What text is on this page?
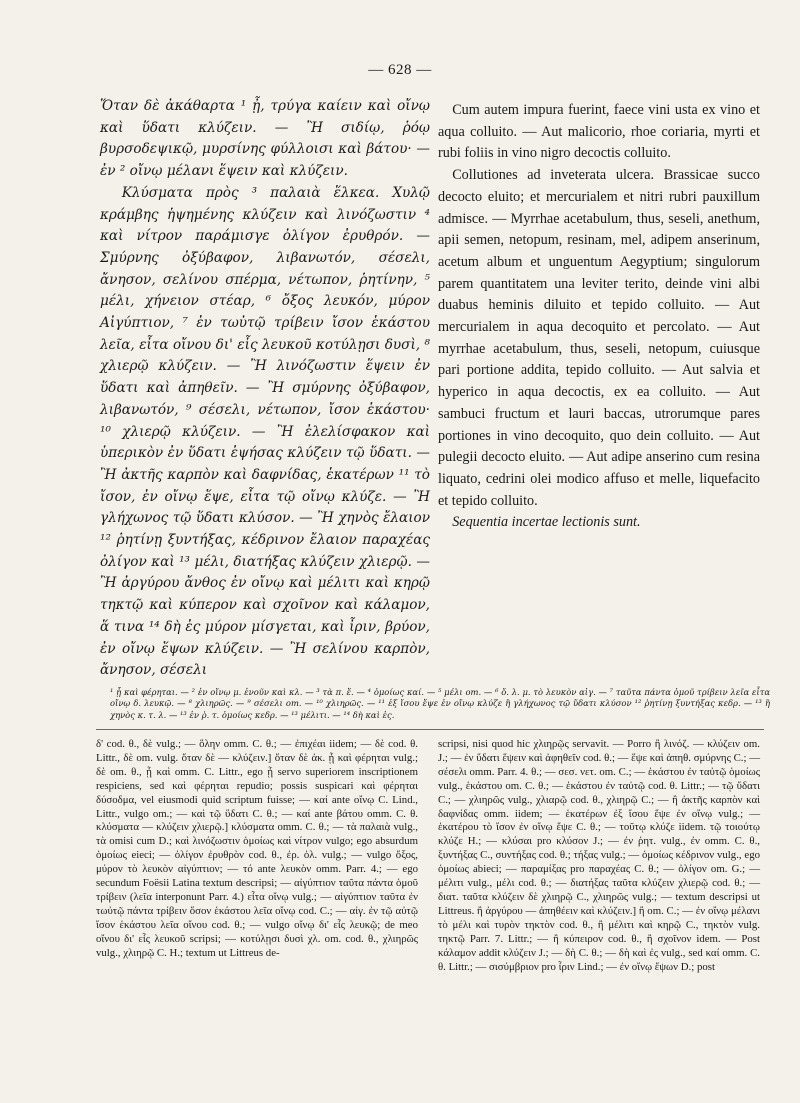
— 628 —

Ὅταν δὲ ἀκάθαρτα ¹ ᾖ, τρύγα καίειν καὶ οἴνῳ καὶ ὕδατι κλύζειν. — Ἢ σιδίῳ, ῥόῳ βυρσοδεψικῷ, μυρσίνης φύλλοισι καὶ βάτου· — ἐν ² οἴνῳ μέλανι ἕψειν καὶ κλύζειν.

Κλύσματα πρὸς ³ παλαιὰ ἕλκεα. Χυλῷ κράμβης ἡψημένης κλύζειν καὶ λινόζωστιν ⁴ καὶ νίτρον παράμισγε ὀλίγον ἐρυθρόν. — Σμύρνης ὀξύβαφον, λιβανωτόν, σέσελι, ἄνησον, σελίνου σπέρμα, νέτωπον, ῥητίνην, ⁵ μέλι, χήνειον στέαρ, ⁶ ὄξος λευκόν, μύρον Αἰγύπτιον, ⁷ ἐν τωὐτῷ τρίβειν ἴσον ἑκάστου λεῖα, εἶτα οἴνου δι' εἷς λευκοῦ κοτύλῃσι δυσὶ, ⁸ χλιερῷ κλύζειν. — Ἢ λινόζωστιν ἕψειν ἐν ὕδατι καὶ ἀπηθεῖν. — Ἢ σμύρνης ὀξύβαφον, λιβανωτόν, ⁹ σέσελι, νέτωπον, ἴσον ἑκάστου· ¹⁰ χλιερῷ κλύζειν. — Ἢ ἐλελίσφακον καὶ ὑπερικὸν ἐν ὕδατι ἑψήσας κλύζειν τῷ ὕδατι. — Ἢ ἀκτῆς καρπὸν καὶ δαφνίδας, ἑκατέρων ¹¹ τὸ ἴσον, ἐν οἴνῳ ἕψε, εἶτα τῷ οἴνῳ κλύζε. — Ἢ γλήχωνος τῷ ὕδατι κλύσον. — Ἢ χηνὸς ἔλαιον ¹² ῥητίνῃ ξυντήξας, κέδρινον ἔλαιον παραχέας ὀλίγον καὶ ¹³ μέλι, διατήξας κλύζειν χλιερῷ. — Ἢ ἀργύρου ἄνθος ἐν οἴνῳ καὶ μέλιτι καὶ κηρῷ τηκτῷ καὶ κύπερον καὶ σχοῖνον καὶ κάλαμον, ἅ τινα ¹⁴ δὴ ἐς μύρον μίσγεται, καὶ ἶριν, βρύον, ἐν οἴνῳ ἕψων κλύζειν. — Ἢ σελίνου καρπὸν, ἄνησον, σέσελι

Cum autem impura fuerint, faece vini usta ex vino et aqua colluito. — Aut malicorio, rhoe coriaria, myrti et rubi foliis in vino nigro decoctis colluito.

Collutiones ad inveterata ulcera. Brassicae succo decocto eluito; et mercurialem et nitri rubri pauxillum admisce. — Myrrhae acetabulum, thus, seseli, anethum, apii semen, netopum, resinam, mel, adipem anserinum, acetum album et unguentum Aegyptium; singulorum parem quantitatem una leviter terito, deinde vini albi duabus heminis diluito et tepido colluito. — Aut mercurialem in aqua decoquito et percolato. — Aut myrrhae acetabulum, thus, seseli, netopum, cuiusque pari portione addita, tepido colluito. — Aut salvia et hyperico in aqua decoctis, ex ea colluito. — Aut sambuci fructum et lauri baccas, utrorumque pares portiones in vino decoquito, quo dein colluito. — Aut pulegii decocto eluito. — Aut adipe anserino cum resina liquato, cedrini olei modico affuso et melle, liquefacito et tepido colluito.

Sequentia incertae lectionis sunt.

¹ ᾖ καὶ φέρηται. — ² ἐν οἴνῳ μ. ἐνοῦν καὶ κλ. — ³ τὰ π. ἕ. — ⁴ ὁμοίως καί. — ⁵ μέλι om. — ⁶ ὄ. λ. μ. τὸ λευκὸν αἰγ. — ⁷ ταῦτα πάντα ὁμοῦ τρίβειν λεῖα εἶτα οἴνῳ δ. λευκῷ. — ⁸ χλιηρῶς. — ⁹ σέσελι om. — ¹⁰ χλιηρῶς. — ¹¹ ἐξ ἴσου ἕψε ἐν οἴνῳ κλύζε ἢ γλήχωνος τῷ ὕδατι κλύσον ¹² ῥητίνῃ ξυντήξας κεδρ. — ¹³ ἢ χηνὸς κ. τ. λ. — ¹³ ἐν ῥ. τ. ὁμοίως κεδρ. — ¹³ μέλιτι. — ¹⁴ δὴ καὶ ἐς.

δ' cod. θ., δὲ vulg.; — ὅλην omm. C. θ.; — ἐπιχέαι iidem; — δὲ cod. θ. Littr., δὲ om. vulg. ὅταν δὲ — κλύζειν.] ὅταν δὲ ἀκ. ᾖ καὶ φέρηται vulg.; δὲ om. θ., ᾖ καὶ omm. C. Littr., ego ᾖ servo superiorem inscriptionem respiciens, sed καὶ φέρηται repudio; possis suspicari καὶ φέρηται δύσοδμα, vel eiusmodi quid scriptum fuisse; — καί ante οἴνῳ C. Lind., Littr., vulgo om.; — καὶ τῷ ὕδατι C. θ.; — καί ante βάτου omm. C. θ. κλύσματα — κλύζειν χλιερῷ.] κλύσματα omm. C. θ.; — τὰ παλαιὰ vulg., τὰ omisi cum D.; καὶ λινόζωστιν ὁμοίως καὶ νίτρον vulgo; ego absurdum ὁμοίως eieci; — ὀλίγον ἐρυθρὸν cod. θ., ἐρ. ὀλ. vulg.; — vulgo ὄξος, μύρον τὸ λευκὸν αἰγύπτιον; — τό ante λευκὸν omm. Parr. 4.; — ego secundum Foësii Latina textum descripsi; — αἰγύπτιον ταῦτα πάντα ὁμοῦ τρίβειν (λεῖα interponunt Parr. 4.) εἶτα οἴνῳ vulg.; — αἰγύπτιον ταῦτα ἐν τωὐτῷ πάντα τρίβειν ὅσον ἑκάστου λεῖα οἴνῳ cod. C.; — αἰγ. ἐν τῷ αὐτῷ ἴσον ἑκάστου λεῖα οἴνου cod. θ.; — vulgo οἴνῳ δι' εἷς λευκῷ; de meo οἴνου δι' εἷς λευκοῦ scripsi; — κοτύλῃσι δυσὶ χλ. om. cod. θ., χλιηρῶς vulg., χλιηρῷ C. H.; textum ut Littreus de-

scripsi, nisi quod hic χλιηρῷς servavit. — Porro ἢ λινόζ. — κλύζειν om. J.; — ἐν ὕδατι ἕψειν καὶ ἀφηθεῖν cod. θ.; — ἕψε καὶ ἀπηθ. σμύρνης C.; — σέσελι omm. Parr. 4. θ.; — σεσ. νετ. om. C.; — ἑκάστου ἐν ταὐτῷ ὁμοίως vulg., ἑκάστου om. C. θ.; — ἑκάστου ἐν ταὐτῷ cod. θ. Littr.; — τῷ ὕδατι C.; — χλιηρῶς vulg., χλιαρῷ cod. θ., χλιηρῷ C.; — ἢ ἀκτῆς καρπὸν καὶ δαφνίδας omm. iidem; — ἑκατέρων ἐξ ἴσου ἕψε ἐν οἴνῳ vulg.; — ἑκατέρου τὸ ἴσον ἐν οἴνῳ ἕψε C. θ.; — τοῦτῳ κλύζε iidem. τῷ τοιούτῳ κλύζε H.; — κλύσαι pro κλύσον J.; — ἐν ῥητ. vulg., ἐν omm. C. θ., ξυντήξας C., συντήξας cod. θ.; τήξας vulg.; — ὁμοίως κέδρινον vulg., ego ὁμοίως abieci; — παραμίξας pro παραχέας C. θ.; — ὀλίγον om. G.; — μέλιτι vulg., μέλι cod. θ.; — διατήξας ταῦτα κλύζειν χλιερῷ cod. θ.; — διατ. ταῦτα κλύζειν δὲ χλιηρῷ C., χλιηρῶς vulg.; — textum descripsi ut Littreus. ἢ ἀργύρου — ἀπηθέειν καὶ κλύζειν.] ἢ om. C.; — ἐν οἴνῳ μέλανι τὸ μέλι καὶ τυρὸν τηκτὸν cod. θ., ἢ μέλιτι καὶ κηρῷ C., τηκτὸν vulg. τηκτῷ Parr. 7. Littr.; — ἢ κύπειρον cod. θ., ἢ σχοῖνον idem. — Post κάλαμον addit κλύζειν J.; — δὴ C. θ.; — δὴ καὶ ἐς vulg., sed καί omm. C. θ. Littr.; — σισύμβριον pro ἶριν Lind.; — ἐν οἴνῳ ἕψων D.; post
